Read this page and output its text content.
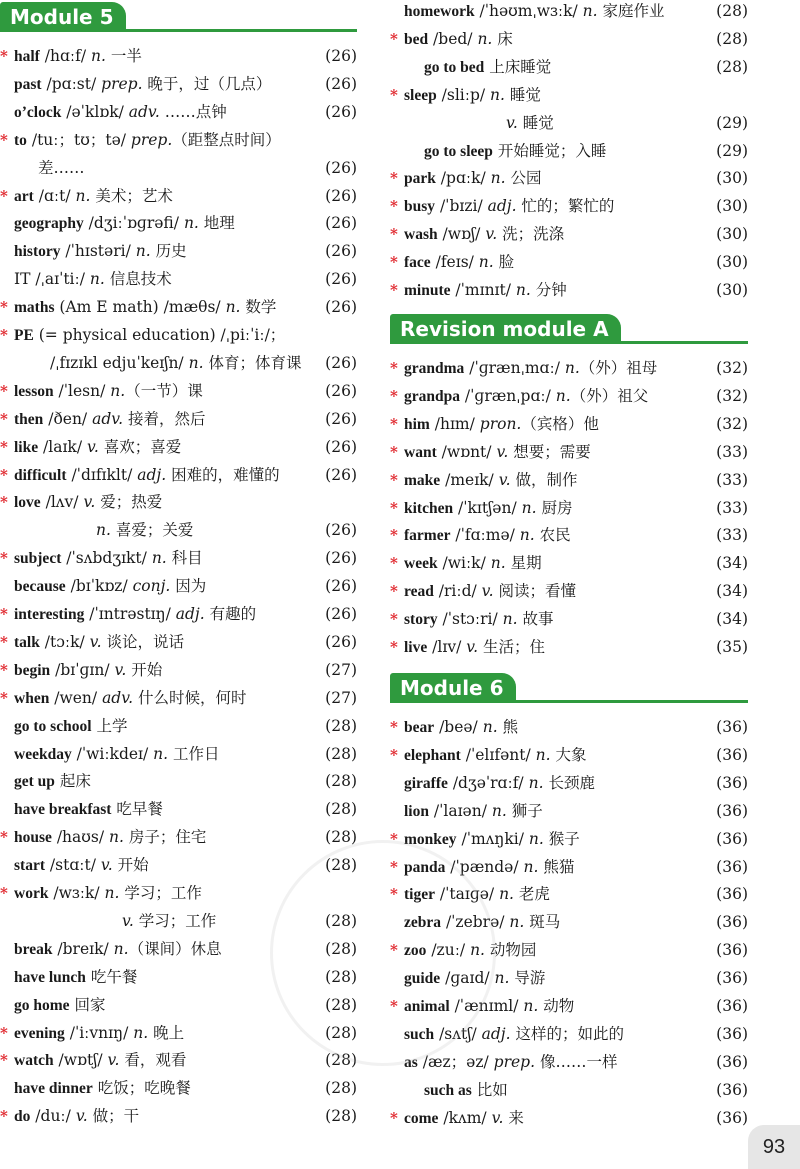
Module 5
* half /hɑːf/ n. 一半	(26)
past /pɑːst/ prep. 晚于，过（几点）	(26)
o’clock /əˈklɒk/ adv. ……点钟	(26)
* to /tuː；tʊ；tə/ prep.（距整点时间）
差……	(26)
* art /ɑːt/ n. 美术；艺术	(26)
geography /dʒiːˈɒɡrəfi/ n. 地理	(26)
history /ˈhɪstəri/ n. 历史	(26)
IT /ˌaɪˈtiː/ n. 信息技术	(26)
* maths (Am E math) /mæθs/ n. 数学	(26)
* PE (= physical education) /ˌpiːˈiː/；
/ˌfɪzɪkl edjuˈkeɪʃn/ n. 体育；体育课	(26)
* lesson /ˈlesn/ n.（一节）课	(26)
* then /ðen/ adv. 接着，然后	(26)
* like /laɪk/ v. 喜欢；喜爱	(26)
* difficult /ˈdɪfɪklt/ adj. 困难的，难懂的	(26)
* love /lʌv/ v. 爱；热爱
n. 喜爱；关爱	(26)
* subject /ˈsʌbdʒɪkt/ n. 科目	(26)
because /bɪˈkɒz/ conj. 因为	(26)
* interesting /ˈɪntrəstɪŋ/ adj. 有趣的	(26)
* talk /tɔːk/ v. 谈论，说话	(26)
* begin /bɪˈɡɪn/ v. 开始	(27)
* when /wen/ adv. 什么时候，何时	(27)
go to school 上学	(28)
weekday /ˈwiːkdeɪ/ n. 工作日	(28)
get up 起床	(28)
have breakfast 吃早餐	(28)
* house /haʊs/ n. 房子；住宅	(28)
start /stɑːt/ v. 开始	(28)
* work /wɜːk/ n. 学习；工作
v. 学习；工作	(28)
break /breɪk/ n.（课间）休息	(28)
have lunch 吃午餐	(28)
go home 回家	(28)
* evening /ˈiːvnɪŋ/ n. 晚上	(28)
* watch /wɒtʃ/ v. 看，观看	(28)
have dinner 吃饭；吃晚餐	(28)
* do /duː/ v. 做；干	(28)
homework /ˈhəʊmˌwɜːk/ n. 家庭作业	(28)
* bed /bed/ n. 床	(28)
go to bed 上床睡觉	(28)
* sleep /sliːp/ n. 睡觉
v. 睡觉	(29)
go to sleep 开始睡觉；入睡	(29)
* park /pɑːk/ n. 公园	(30)
* busy /ˈbɪzi/ adj. 忙的；繁忙的	(30)
* wash /wɒʃ/ v. 洗；洗涤	(30)
* face /feɪs/ n. 脸	(30)
* minute /ˈmɪnɪt/ n. 分钟	(30)
Revision module A
* grandma /ˈɡrænˌmɑː/ n.（外）祖母	(32)
* grandpa /ˈɡrænˌpɑː/ n.（外）祖父	(32)
* him /hɪm/ pron.（宾格）他	(32)
* want /wɒnt/ v. 想要；需要	(33)
* make /meɪk/ v. 做，制作	(33)
* kitchen /ˈkɪtʃən/ n. 厨房	(33)
* farmer /ˈfɑːmə/ n. 农民	(33)
* week /wiːk/ n. 星期	(34)
* read /riːd/ v. 阅读；看懂	(34)
* story /ˈstɔːri/ n. 故事	(34)
* live /lɪv/ v. 生活；住	(35)
Module 6
* bear /beə/ n. 熊	(36)
* elephant /ˈelɪfənt/ n. 大象	(36)
giraffe /dʒəˈrɑːf/ n. 长颈鹿	(36)
lion /ˈlaɪən/ n. 狮子	(36)
* monkey /ˈmʌŋki/ n. 猴子	(36)
* panda /ˈpændə/ n. 熊猫	(36)
* tiger /ˈtaɪɡə/ n. 老虎	(36)
zebra /ˈzebrə/ n. 斑马	(36)
* zoo /zuː/ n. 动物园	(36)
guide /ɡaɪd/ n. 导游	(36)
* animal /ˈænɪml/ n. 动物	(36)
such /sʌtʃ/ adj. 这样的；如此的	(36)
as /æz；əz/ prep. 像……一样	(36)
such as 比如	(36)
* come /kʌm/ v. 来	(36)
93
